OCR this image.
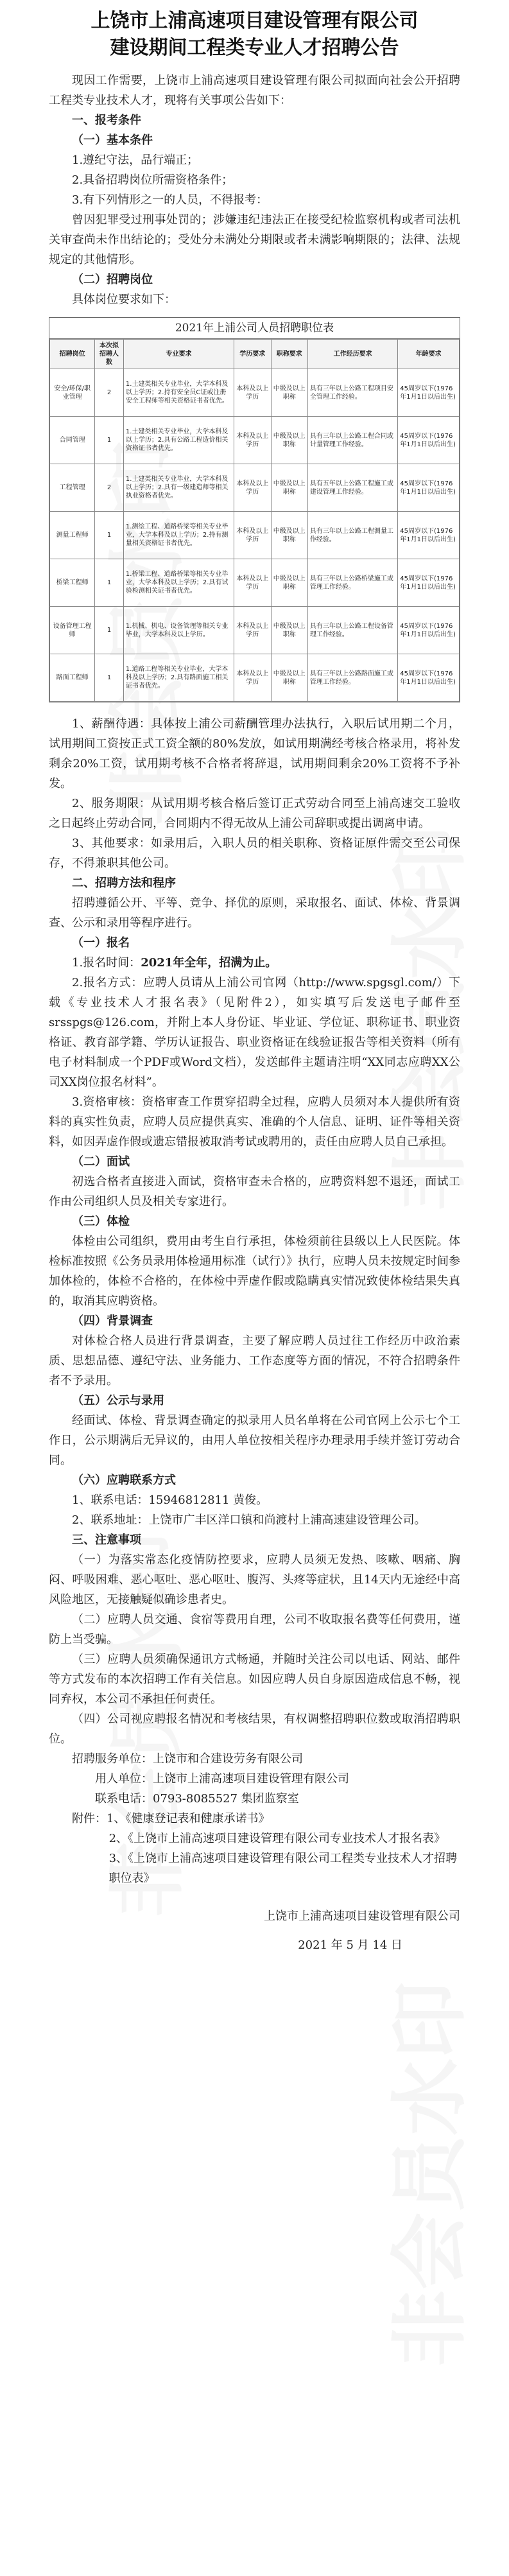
上饶市上浦高速项目建设管理有限公司
建设期间工程类专业人才招聘公告

现因工作需要，上饶市上浦高速项目建设管理有限公司拟面向社会公开招聘工程类专业技术人才，现将有关事项公告如下：

一、报考条件

（一）基本条件

1.遵纪守法，品行端正；

2.具备招聘岗位所需资格条件；

3.有下列情形之一的人员，不得报考：

曾因犯罪受过刑事处罚的；涉嫌违纪违法正在接受纪检监察机构或者司法机关审查尚未作出结论的；受处分未满处分期限或者未满影响期限的；法律、法规规定的其他情形。

（二）招聘岗位

具体岗位要求如下：

2021年上浦公司人员招聘职位表
招聘岗位	本次拟招聘人数	专业要求	学历要求	职称要求	工作经历要求	年龄要求
安全/环保/职业管理	2	1.土建类相关专业毕业，大学本科及以上学历；2.持有安全员C证或注册安全工程师等相关资格证书者优先。	本科及以上学历	中级及以上职称	具有三年以上公路工程项目安全管理工作经验。	45周岁以下(1976年1月1日以后出生)
合同管理	1	1.土建类相关专业毕业，大学本科及以上学历；2.具有公路工程造价相关资格证书者优先。	本科及以上学历	中级及以上职称	具有三年以上公路工程合同或计量管理工作经验。	45周岁以下(1976年1月1日以后出生)
工程管理	2	1.土建类相关专业毕业，大学本科及以上学历；2.具有一级建造师等相关执业资格者优先。	本科及以上学历	中级及以上职称	具有五年以上公路工程施工或建设管理工作经验。	45周岁以下(1976年1月1日以后出生)
测量工程师	1	1.测绘工程、道路桥梁等相关专业毕业，大学本科及以上学历；2.持有测量相关资格证书者优先。	本科及以上学历	中级及以上职称	具有三年以上公路工程测量工作经验。	45周岁以下(1976年1月1日以后出生)
桥梁工程师	1	1.桥梁工程、道路桥梁等相关专业毕业，大学本科及以上学历；2.具有试验检测相关证书者优先。	本科及以上学历	中级及以上职称	具有三年以上公路桥梁施工或管理工作经验。	45周岁以下(1976年1月1日以后出生)
设备管理工程师	1	1.机械、机电、设备管理等相关专业毕业，大学本科及以上学历。	本科及以上学历	中级及以上职称	具有三年以上公路工程设备管理工作经验。	45周岁以下(1976年1月1日以后出生)
路面工程师	1	1.道路工程等相关专业毕业，大学本科及以上学历；2.具有路面施工相关证书者优先。	本科及以上学历	中级及以上职称	具有三年以上公路路面施工或管理工作经验。	45周岁以下(1976年1月1日以后出生)

1、薪酬待遇：具体按上浦公司薪酬管理办法执行，入职后试用期二个月，试用期间工资按正式工资全额的80%发放，如试用期满经考核合格录用，将补发剩余20%工资，试用期考核不合格者将辞退，试用期间剩余20%工资将不予补发。

2、服务期限：从试用期考核合格后签订正式劳动合同至上浦高速交工验收之日起终止劳动合同，合同期内不得无故从上浦公司辞职或提出调离申请。

3、其他要求：如录用后，入职人员的相关职称、资格证原件需交至公司保存，不得兼职其他公司。

二、招聘方法和程序

招聘遵循公开、平等、竞争、择优的原则，采取报名、面试、体检、背景调查、公示和录用等程序进行。

（一）报名

1.报名时间：2021年全年，招满为止。

2.报名方式：应聘人员请从上浦公司官网（http://www.spgsgl.com/）下载《专业技术人才报名表》（见附件2），如实填写后发送电子邮件至srsspgs@126.com，并附上本人身份证、毕业证、学位证、职称证书、职业资格证、教育部学籍、学历认证报告、职业资格证在线验证报告等相关资料（所有电子材料制成一个PDF或Word文档），发送邮件主题请注明“XX同志应聘XX公司XX岗位报名材料”。

3.资格审核：资格审查工作贯穿招聘全过程，应聘人员须对本人提供所有资料的真实性负责，应聘人员应提供真实、准确的个人信息、证明、证件等相关资料，如因弄虚作假或遗忘错报被取消考试或聘用的，责任由应聘人员自己承担。

（二）面试

初选合格者直接进入面试，资格审查未合格的，应聘资料恕不退还，面试工作由公司组织人员及相关专家进行。

（三）体检

体检由公司组织，费用由考生自行承担，体检须前往县级以上人民医院。体检标准按照《公务员录用体检通用标准（试行）》执行，应聘人员未按规定时间参加体检的，体检不合格的，在体检中弄虚作假或隐瞒真实情况致使体检结果失真的，取消其应聘资格。

（四）背景调查

对体检合格人员进行背景调查，主要了解应聘人员过往工作经历中政治素质、思想品德、遵纪守法、业务能力、工作态度等方面的情况，不符合招聘条件者不予录用。

（五）公示与录用

经面试、体检、背景调查确定的拟录用人员名单将在公司官网上公示七个工作日，公示期满后无异议的，由用人单位按相关程序办理录用手续并签订劳动合同。

（六）应聘联系方式

1、联系电话：15946812811 黄俊。

2、联系地址：上饶市广丰区洋口镇和尚渡村上浦高速建设管理公司。

三、注意事项

（一）为落实常态化疫情防控要求，应聘人员须无发热、咳嗽、咽痛、胸闷、呼吸困难、恶心呕吐、恶心呕吐、腹泻、头疼等症状，且14天内无途经中高风险地区，无接触疑似确诊患者史。

（二）应聘人员交通、食宿等费用自理，公司不收取报名费等任何费用，谨防上当受骗。

（三）应聘人员须确保通讯方式畅通，并随时关注公司以电话、网站、邮件等方式发布的本次招聘工作有关信息。如因应聘人员自身原因造成信息不畅，视同弃权，本公司不承担任何责任。

（四）公司视应聘报名情况和考核结果，有权调整招聘职位数或取消招聘职位。

招聘服务单位：上饶市和合建设劳务有限公司

用人单位：上饶市上浦高速项目建设管理有限公司

联系电话：0793-8085527 集团监察室

附件：1、《健康登记表和健康承诺书》

2、《上饶市上浦高速项目建设管理有限公司专业技术人才报名表》

3、《上饶市上浦高速项目建设管理有限公司工程类专业技术人才招聘职位表》

上饶市上浦高速项目建设管理有限公司

2021 年 5 月 14 日
